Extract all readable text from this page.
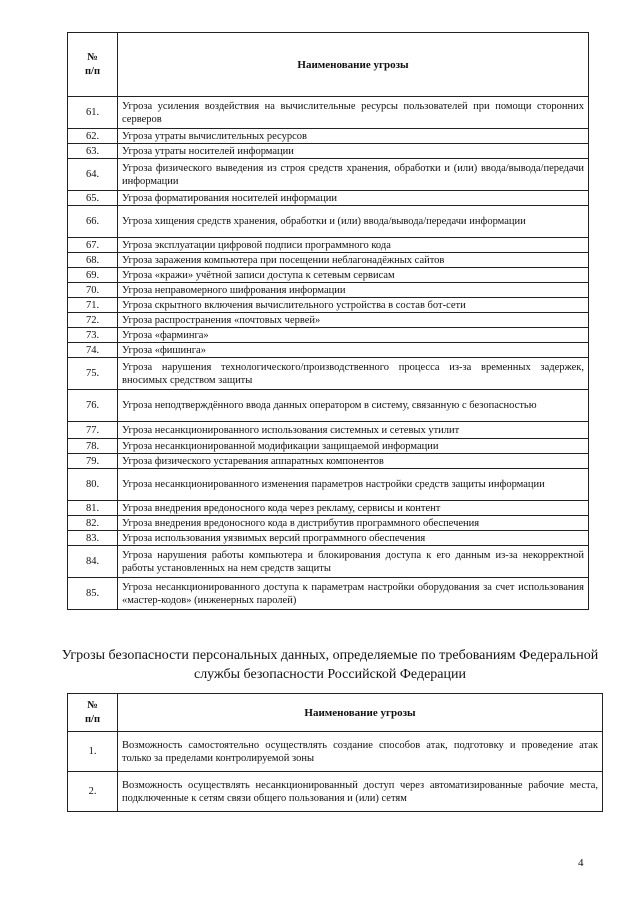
№
п/п	Наименование угрозы
61.	Угроза усиления воздействия на вычислительные ресурсы пользователей при помощи сторонних серверов
62.	Угроза утраты вычислительных ресурсов
63.	Угроза утраты носителей информации
64.	Угроза физического выведения из строя средств хранения, обработки и (или) ввода/вывода/передачи информации
65.	Угроза форматирования носителей информации
66.	Угроза хищения средств хранения, обработки и (или) ввода/вывода/передачи информации
67.	Угроза эксплуатации цифровой подписи программного кода
68.	Угроза заражения компьютера при посещении неблагонадёжных сайтов
69.	Угроза «кражи» учётной записи доступа к сетевым сервисам
70.	Угроза неправомерного шифрования информации
71.	Угроза скрытного включения вычислительного устройства в состав бот-сети
72.	Угроза распространения «почтовых червей»
73.	Угроза «фарминга»
74.	Угроза «фишинга»
75.	Угроза нарушения технологического/производственного процесса из-за временных задержек, вносимых средством защиты
76.	Угроза неподтверждённого ввода данных оператором в систему, связанную с безопасностью
77.	Угроза несанкционированного использования системных и сетевых утилит
78.	Угроза несанкционированной модификации защищаемой информации
79.	Угроза физического устаревания аппаратных компонентов
80.	Угроза несанкционированного изменения параметров настройки средств защиты информации
81.	Угроза внедрения вредоносного кода через рекламу, сервисы и контент
82.	Угроза внедрения вредоносного кода в дистрибутив программного обеспечения
83.	Угроза использования уязвимых версий программного обеспечения
84.	Угроза нарушения работы компьютера и блокирования доступа к его данным из-за некорректной работы установленных на нем средств защиты
85.	Угроза несанкционированного доступа к параметрам настройки оборудования за счет использования «мастер-кодов» (инженерных паролей)
Угрозы безопасности персональных данных, определяемые по требованиям Федеральной службы безопасности Российской Федерации
№
п/п	Наименование угрозы
1.	Возможность самостоятельно осуществлять создание способов атак, подготовку и проведение атак только за пределами контролируемой зоны
2.	Возможность осуществлять несанкционированный доступ через автоматизированные рабочие места, подключенные к сетям связи общего пользования и (или) сетям
4
